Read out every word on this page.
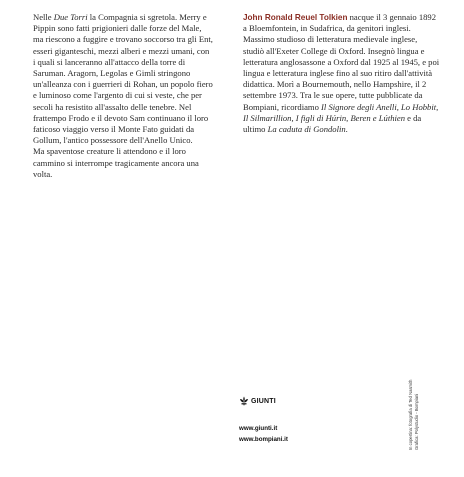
Nelle Due Torri la Compagnia si sgretola. Merry e Pippin sono fatti prigionieri dalle forze del Male, ma riescono a fuggire e trovano soccorso tra gli Ent, esseri giganteschi, mezzi alberi e mezzi umani, con i quali si lanceranno all'attacco della torre di Saruman. Aragorn, Legolas e Gimli stringono un'alleanza con i guerrieri di Rohan, un popolo fiero e luminoso come l'argento di cui si veste, che per secoli ha resistito all'assalto delle tenebre. Nel frattempo Frodo e il devoto Sam continuano il loro faticoso viaggio verso il Monte Fato guidati da Gollum, l'antico possessore dell'Anello Unico.

Ma spaventose creature li attendono e il loro cammino si interrompe tragicamente ancora una volta.

John Ronald Reuel Tolkien nacque il 3 gennaio 1892 a Bloemfontein, in Sudafrica, da genitori inglesi. Massimo studioso di letteratura medievale inglese, studiò all'Exeter College di Oxford. Insegnò lingua e letteratura anglosassone a Oxford dal 1925 al 1945, e poi lingua e letteratura inglese fino al suo ritiro dall'attività didattica. Morì a Bournemouth, nello Hampshire, il 2 settembre 1973. Tra le sue opere, tutte pubblicate da Bompiani, ricordiamo Il Signore degli Anelli, Lo Hobbit, Il Silmarillion, I figli di Húrin, Beren e Lúthien e da ultimo La caduta di Gondolin.

In copertina: fotografia di Ted Nasmith Grafica: Polystudio - Bompiani
GIUNTI
www.giunti.it
www.bompiani.it
